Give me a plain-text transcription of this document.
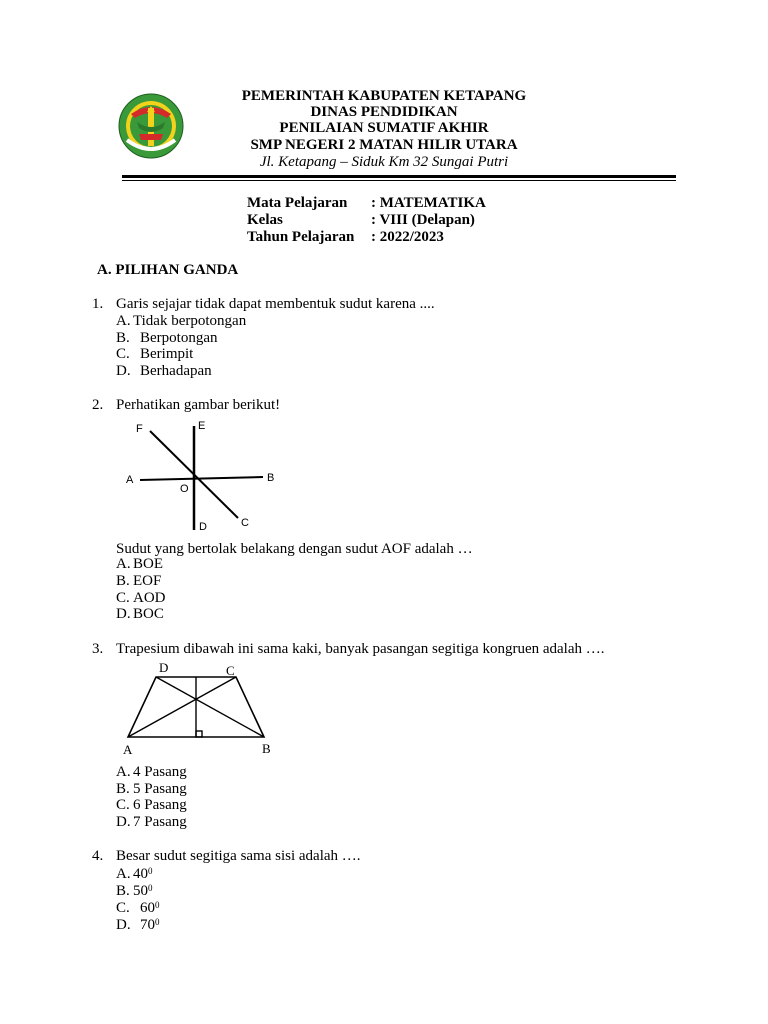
PEMERINTAH KABUPATEN KETAPANG
DINAS PENDIDIKAN
PENILAIAN SUMATIF AKHIR
SMP NEGERI 2 MATAN HILIR UTARA
Jl. Ketapang – Siduk Km 32 Sungai Putri
Mata Pelajaran : MATEMATIKA
Kelas	: VIII (Delapan)
Tahun Pelajaran : 2022/2023
A. PILIHAN GANDA
1. Garis sejajar tidak dapat membentuk sudut karena ....
A. Tidak berpotongan
B. Berpotongan
C. Berimpit
D. Berhadapan
2. Perhatikan gambar berikut!
F	E
A
O
B
D	C
Sudut yang bertolak belakang dengan sudut AOF adalah …
A. BOE
B. EOF
C. AOD
D. BOC
3. Trapesium dibawah ini sama kaki, banyak pasangan segitiga kongruen adalah ….
D	C
A	B
A. 4 Pasang
B. 5 Pasang
C. 6 Pasang
D. 7 Pasang
4. Besar sudut segitiga sama sisi adalah ….
A. $40^0$
B. $50^0$
C. $60^0$
D. $70^0$
